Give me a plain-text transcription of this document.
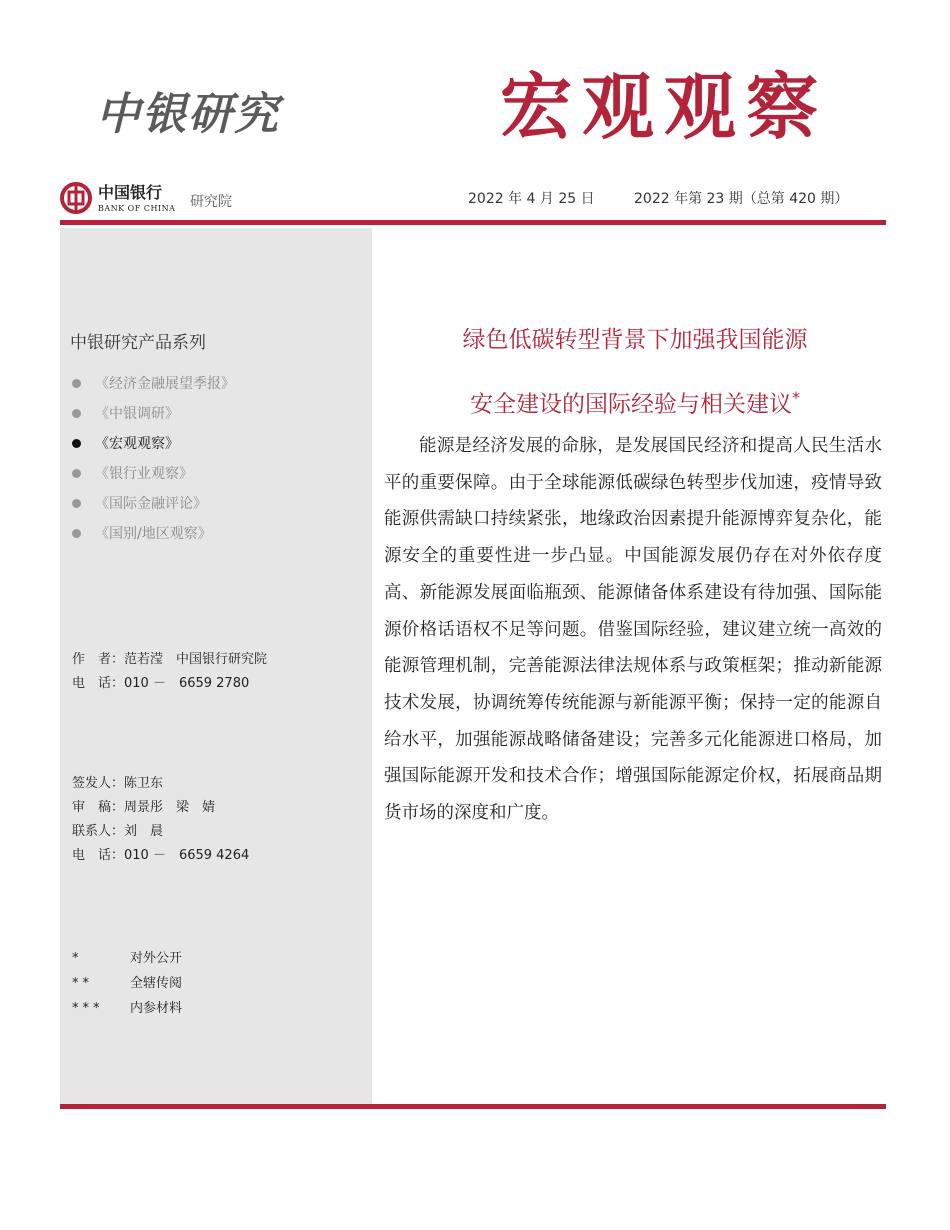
中银研究	宏观观察
中国银行
BANK OF CHINA 研究院	2022 年 4 月 25 日	2022 年第 23 期（总第 420 期）
中银研究产品系列
《经济金融展望季报》
《中银调研》
《宏观观察》
《银行业观察》
《国际金融评论》
《国别/地区观察》
作　者：范若滢　中国银行研究院
电　话：010 －　6659 2780
签发人：陈卫东
审　稿：周景彤　梁　婧
联系人：刘　晨
电　话：010 －　6659 4264
*	对外公开
**	全辖传阅
***	内参材料
绿色低碳转型背景下加强我国能源
安全建设的国际经验与相关建议*

能源是经济发展的命脉，是发展国民经济和提高人民生活水平的重要保障。由于全球能源低碳绿色转型步伐加速，疫情导致能源供需缺口持续紧张，地缘政治因素提升能源博弈复杂化，能源安全的重要性进一步凸显。中国能源发展仍存在对外依存度高、新能源发展面临瓶颈、能源储备体系建设有待加强、国际能源价格话语权不足等问题。借鉴国际经验，建议建立统一高效的能源管理机制，完善能源法律法规体系与政策框架；推动新能源技术发展，协调统筹传统能源与新能源平衡；保持一定的能源自给水平，加强能源战略储备建设；完善多元化能源进口格局，加强国际能源开发和技术合作；增强国际能源定价权，拓展商品期货市场的深度和广度。
